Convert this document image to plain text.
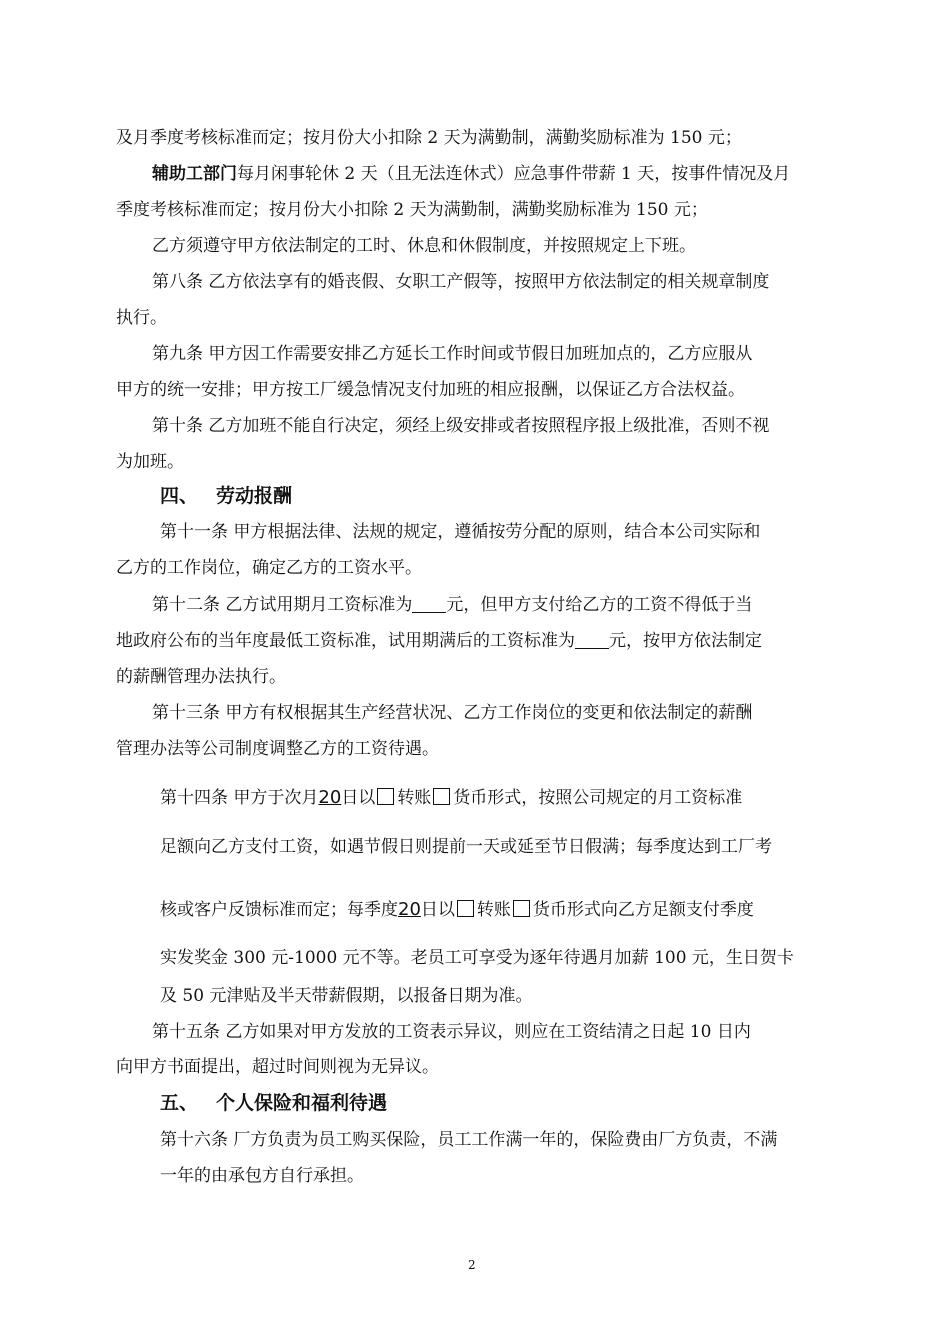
及月季度考核标准而定；按月份大小扣除 2 天为满勤制，满勤奖励标准为 150 元；
辅助工部门每月闲事轮休 2 天（且无法连休式）应急事件带薪 1 天，按事件情况及月
季度考核标准而定；按月份大小扣除 2 天为满勤制，满勤奖励标准为 150 元；
乙方须遵守甲方依法制定的工时、休息和休假制度，并按照规定上下班。
第八条 乙方依法享有的婚丧假、女职工产假等，按照甲方依法制定的相关规章制度
执行。
第九条 甲方因工作需要安排乙方延长工作时间或节假日加班加点的，乙方应服从
甲方的统一安排；甲方按工厂缓急情况支付加班的相应报酬，以保证乙方合法权益。
第十条 乙方加班不能自行决定，须经上级安排或者按照程序报上级批准，否则不视
为加班。
四、 劳动报酬
第十一条 甲方根据法律、法规的规定，遵循按劳分配的原则，结合本公司实际和
乙方的工作岗位，确定乙方的工资水平。
第十二条 乙方试用期月工资标准为 元，但甲方支付给乙方的工资不得低于当
地政府公布的当年度最低工资标准，试用期满后的工资标准为 元，按甲方依法制定
的薪酬管理办法执行。
第十三条 甲方有权根据其生产经营状况、乙方工作岗位的变更和依法制定的薪酬
管理办法等公司制度调整乙方的工资待遇。
第十四条 甲方于次月20日以 转账 货币形式，按照公司规定的月工资标准
足额向乙方支付工资，如遇节假日则提前一天或延至节日假满；每季度达到工厂考
核或客户反馈标准而定；每季度20日以 转账 货币形式向乙方足额支付季度
实发奖金 300 元-1000 元不等。老员工可享受为逐年待遇月加薪 100 元，生日贺卡
及 50 元津贴及半天带薪假期，以报备日期为准。
第十五条 乙方如果对甲方发放的工资表示异议，则应在工资结清之日起 10 日内
向甲方书面提出，超过时间则视为无异议。
五、 个人保险和福利待遇
第十六条 厂方负责为员工购买保险，员工工作满一年的，保险费由厂方负责，不满
一年的由承包方自行承担。
2
